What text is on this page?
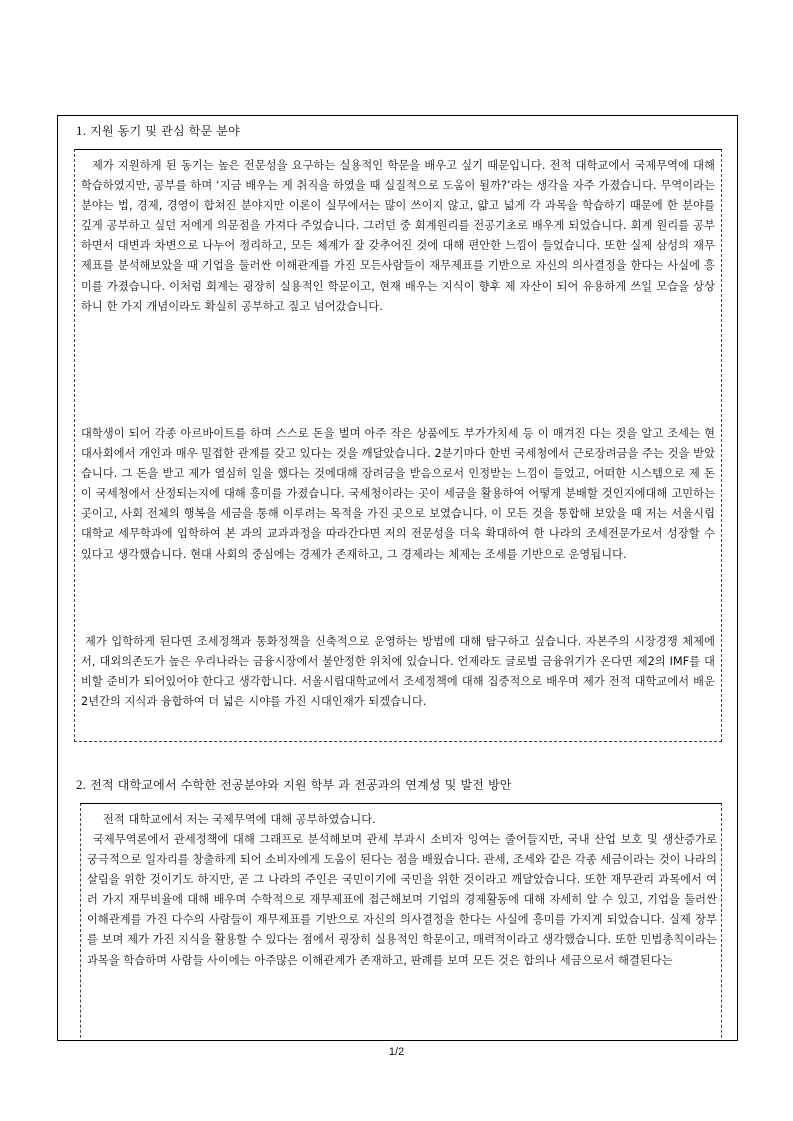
1. 지원 동기 및 관심 학문 분야
제가 지원하게 된 동기는 높은 전문성을 요구하는 실용적인 학문을 배우고 싶기 때문입니다. 전적 대학교에서 국제무역에 대해 학습하였지만, 공부를 하며 ‘지금 배우는 게 취직을 하였을 때 실질적으로 도움이 될까?’라는 생각을 자주 가졌습니다. 무역이라는 분야는 법, 경제, 경영이 합쳐진 분야지만 이론이 실무에서는 많이 쓰이지 않고, 얇고 넓게 각 과목을 학습하기 때문에 한 분야를 깊게 공부하고 싶던 저에게 의문점을 가져다 주었습니다. 그러던 중 회계원리를 전공기초로 배우게 되었습니다. 회계 원리를 공부하면서 대변과 차변으로 나누어 정리하고, 모든 체계가 잘 갖추어진 것에 대해 편안한 느낌이 들었습니다. 또한 실제 삼성의 재무제표를 분석해보았을 때 기업을 둘러싼 이해관계를 가진 모든사람들이 재무제표를 기반으로 자신의 의사결정을 한다는 사실에 흥미를 가졌습니다. 이처럼 회계는 굉장히 실용적인 학문이고, 현재 배우는 지식이 향후 제 자산이 되어 유용하게 쓰일 모습을 상상하니 한 가지 개념이라도 확실히 공부하고 짚고 넘어갔습니다.
대학생이 되어 각종 아르바이트를 하며 스스로 돈을 벌며 아주 작은 상품에도 부가가치세 등 이 매겨진 다는 것을 알고 조세는 현대사회에서 개인과 매우 밀접한 관계를 갖고 있다는 것을 깨달았습니다. 2분기마다 한번 국세청에서 근로장려금을 주는 것을 받았습니다. 그 돈을 받고 제가 열심히 일을 했다는 것에대해 장려금을 받음으로서 인정받는 느낌이 들었고, 어떠한 시스템으로 제 돈이 국세청에서 산정되는지에 대해 흥미를 가졌습니다. 국세청이라는 곳이 세금을 활용하여 어떻게 분배할 것인지에대해 고민하는 곳이고, 사회 전체의 행복을 세금을 통해 이루려는 목적을 가진 곳으로 보였습니다. 이 모든 것을 통합해 보았을 때 저는 서울시립대학교 세무학과에 입학하여 본 과의 교과과정을 따라간다면 저의 전문성을 더욱 확대하여 한 나라의 조세전문가로서 성장할 수 있다고 생각했습니다. 현대 사회의 중심에는 경제가 존재하고, 그 경제라는 체제는 조세를 기반으로 운영됩니다.
제가 입학하게 된다면 조세정책과 통화정책을 신축적으로 운영하는 방법에 대해 탐구하고 싶습니다. 자본주의 시장경쟁 체제에서, 대외의존도가 높은 우리나라는 금융시장에서 불안정한 위치에 있습니다. 언제라도 글로벌 금융위기가 온다면 제2의 IMF를 대비할 준비가 되어있어야 한다고 생각합니다. 서울시립대학교에서 조세정책에 대해 집중적으로 배우며 제가 전적 대학교에서 배운 2년간의 지식과 융합하여 더 넓은 시야를 가진 시대인재가 되겠습니다.
2. 전적 대학교에서 수학한 전공분야와 지원 학부 과 전공과의 연계성 및 발전 방안
전적 대학교에서 저는 국제무역에 대해 공부하였습니다.
국제무역론에서 관세정책에 대해 그래프로 분석해보며 관세 부과시 소비자 잉여는 줄어들지만, 국내 산업 보호 및 생산증가로 궁극적으로 일자리를 창출하게 되어 소비자에게 도움이 된다는 점을 배웠습니다. 관세, 조세와 같은 각종 세금이라는 것이 나라의 살림을 위한 것이기도 하지만, 곧 그 나라의 주인은 국민이기에 국민을 위한 것이라고 깨달았습니다. 또한 재무관리 과목에서 여러 가지 재무비율에 대해 배우며 수학적으로 재무제표에 접근해보며 기업의 경제활동에 대해 자세히 알 수 있고, 기업을 둘러싼 이해관계를 가진 다수의 사람들이 재무제표를 기반으로 자신의 의사결정을 한다는 사실에 흥미를 가지게 되었습니다. 실제 장부를 보며 제가 가진 지식을 활용할 수 있다는 점에서 굉장히 실용적인 학문이고, 매력적이라고 생각했습니다. 또한 민법총칙이라는 과목을 학습하며 사람들 사이에는 아주많은 이해관계가 존재하고, 판례를 보며 모든 것은 합의나 세금으로서 해결된다는
1/2
